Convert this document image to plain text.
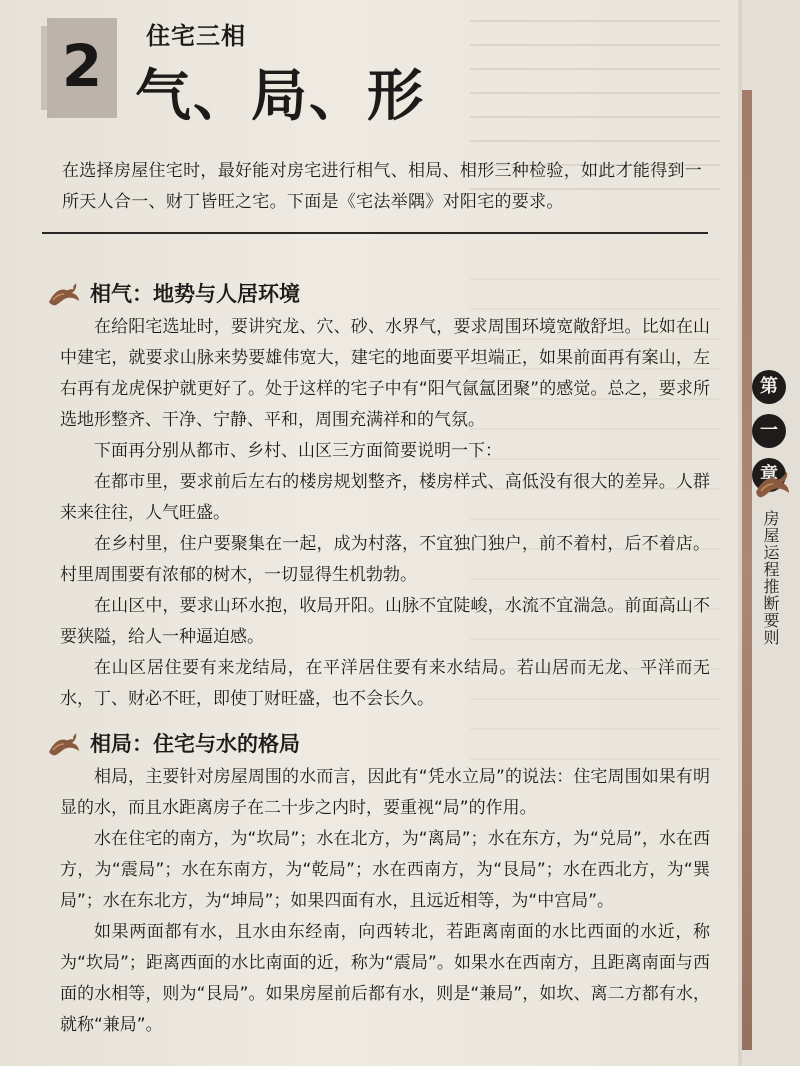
2	住宅三相
气、局、形
在选择房屋住宅时，最好能对房宅进行相气、相局、相形三种检验，如此才能得到一所天人合一、财丁皆旺之宅。下面是《宅法举隅》对阳宅的要求。
相气：地势与人居环境

在给阳宅选址时，要讲究龙、穴、砂、水界气，要求周围环境宽敞舒坦。比如在山中建宅，就要求山脉来势要雄伟宽大，建宅的地面要平坦端正，如果前面再有案山，左右再有龙虎保护就更好了。处于这样的宅子中有“阳气氤氲团聚”的感觉。总之，要求所选地形整齐、干净、宁静、平和，周围充满祥和的气氛。

下面再分别从都市、乡村、山区三方面简要说明一下：

在都市里，要求前后左右的楼房规划整齐，楼房样式、高低没有很大的差异。人群来来往往，人气旺盛。

在乡村里，住户要聚集在一起，成为村落，不宜独门独户，前不着村，后不着店。村里周围要有浓郁的树木，一切显得生机勃勃。

在山区中，要求山环水抱，收局开阳。山脉不宜陡峻，水流不宜湍急。前面高山不要狭隘，给人一种逼迫感。

在山区居住要有来龙结局，在平洋居住要有来水结局。若山居而无龙、平洋而无水，丁、财必不旺，即使丁财旺盛，也不会长久。

相局：住宅与水的格局

相局，主要针对房屋周围的水而言，因此有“凭水立局”的说法：住宅周围如果有明显的水，而且水距离房子在二十步之内时，要重视“局”的作用。

水在住宅的南方，为“坎局”；水在北方，为“离局”；水在东方，为“兑局”，水在西方，为“震局”；水在东南方，为“乾局”；水在西南方，为“艮局”；水在西北方，为“巽局”；水在东北方，为“坤局”；如果四面有水，且远近相等，为“中宫局”。

如果两面都有水，且水由东经南，向西转北，若距离南面的水比西面的水近，称为“坎局”；距离西面的水比南面的近，称为“震局”。如果水在西南方，且距离南面与西面的水相等，则为“艮局”。如果房屋前后都有水，则是“兼局”，如坎、离二方都有水，就称“兼局”。

第
一
章
房屋运程推断要则
